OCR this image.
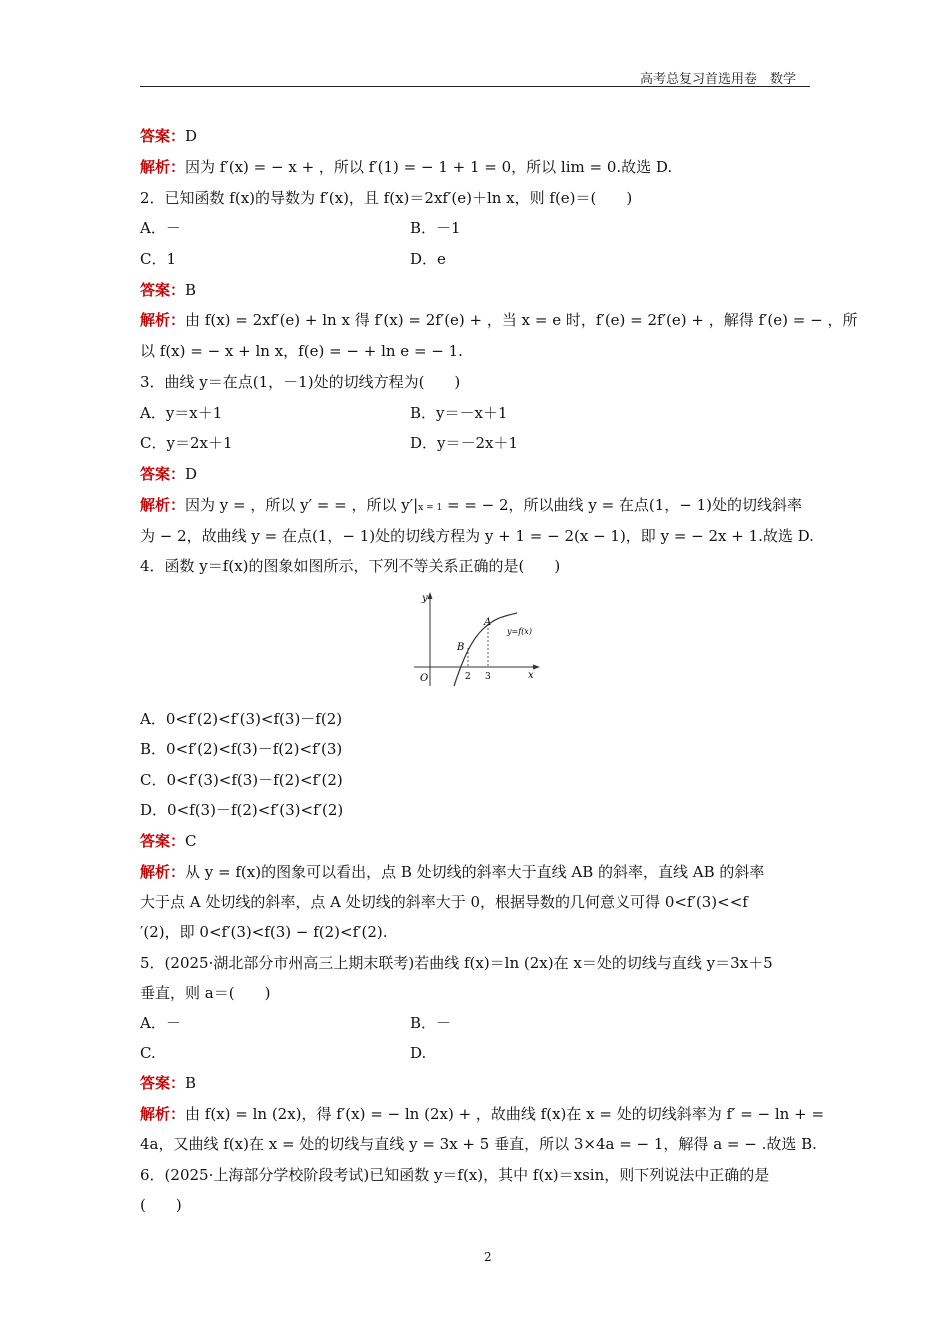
高考总复习首选用卷　数学
答案：D
解析：因为 f′(x) = − x + ，所以 f′(1) = − 1 + 1 = 0，所以 lim = 0.故选 D.
2．已知函数 f(x)的导数为 f′(x)，且 f(x)＝2xf′(e)＋ln x，则 f(e)＝(　　)
A．－	B．－1
C．1	D．e
答案：B
解析：由 f(x) = 2xf′(e) + ln x 得 f′(x) = 2f′(e) + ，当 x = e 时，f′(e) = 2f′(e) + ，解得 f′(e) = − ，所
以 f(x) = − x + ln x，f(e) = − + ln e = − 1.
3．曲线 y＝在点(1，－1)处的切线方程为(　　)
A．y＝x＋1	B．y＝－x＋1
C．y＝2x＋1	D．y＝－2x＋1
答案：D
解析：因为 y = ，所以 y′ = = ，所以 y′|x = 1 = = − 2，所以曲线 y = 在点(1，− 1)处的切线斜率
为 − 2，故曲线 y = 在点(1，− 1)处的切线方程为 y + 1 = − 2(x − 1)，即 y = − 2x + 1.故选 D.
4．函数 y＝f(x)的图象如图所示，下列不等关系正确的是(　　)
y
x
O
A
B
y=f(x)
2 3
A．0<f′(2)<f′(3)<f(3)－f(2)
B．0<f′(2)<f(3)－f(2)<f′(3)
C．0<f′(3)<f(3)－f(2)<f′(2)
D．0<f(3)－f(2)<f′(3)<f′(2)
答案：C
解析：从 y = f(x)的图象可以看出，点 B 处切线的斜率大于直线 AB 的斜率，直线 AB 的斜率
大于点 A 处切线的斜率，点 A 处切线的斜率大于 0，根据导数的几何意义可得 0<f′(3)<<f
′(2)，即 0<f′(3)<f(3) − f(2)<f′(2).
5．(2025·湖北部分市州高三上期末联考)若曲线 f(x)＝ln (2x)在 x＝处的切线与直线 y＝3x＋5
垂直，则 a＝(　　)
A．－	B．－
C.	D.
答案：B
解析：由 f(x) = ln (2x)，得 f′(x) = − ln (2x) + ，故曲线 f(x)在 x = 处的切线斜率为 f′ = − ln + =
4a，又曲线 f(x)在 x = 处的切线与直线 y = 3x + 5 垂直，所以 3×4a = − 1，解得 a = − .故选 B.
6．(2025·上海部分学校阶段考试)已知函数 y＝f(x)，其中 f(x)＝xsin，则下列说法中正确的是
(　　)
2
